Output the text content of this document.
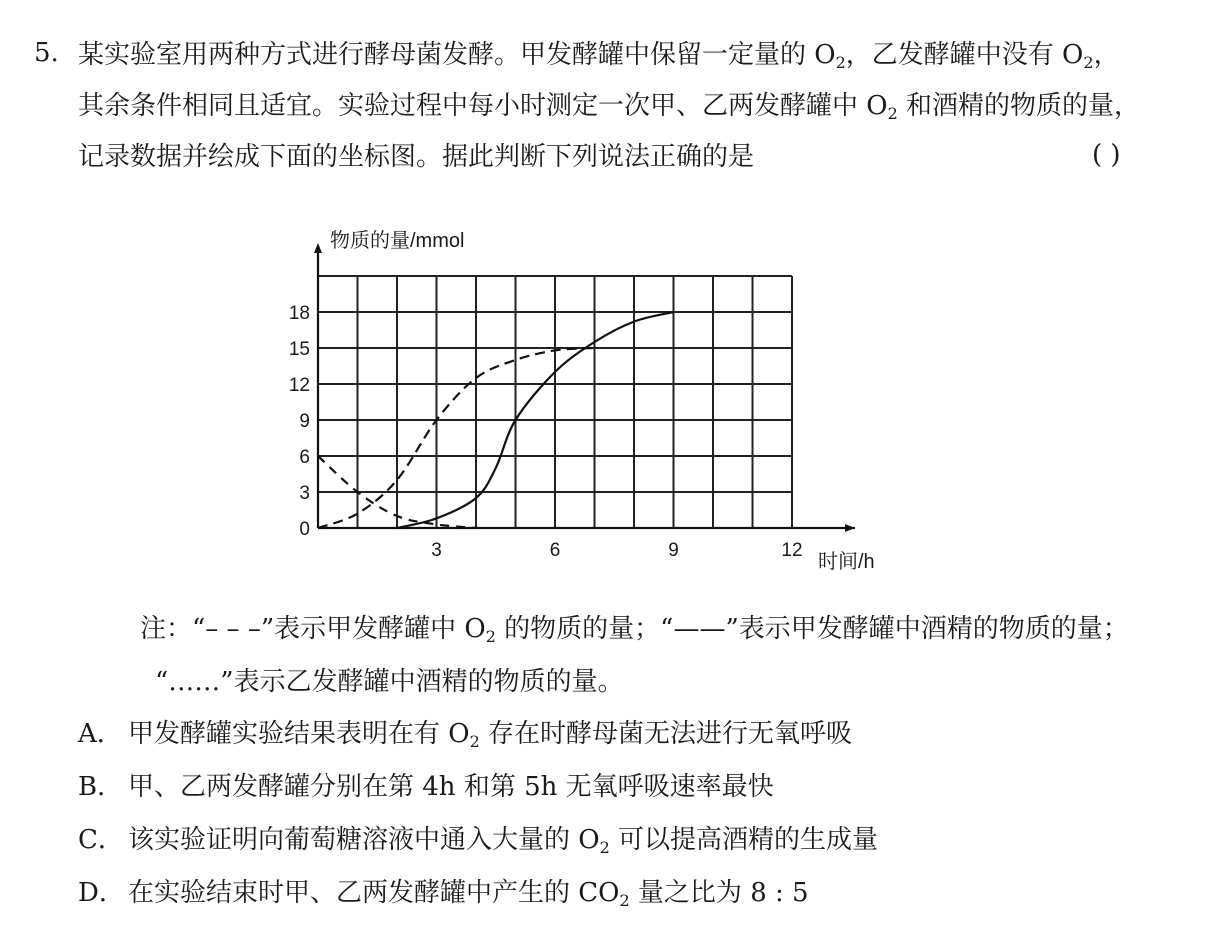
5. 某实验室用两种方式进行酵母菌发酵。甲发酵罐中保留一定量的 $O_2$，乙发酵罐中没有 $O_2$，
其余条件相同且适宜。实验过程中每小时测定一次甲、乙两发酵罐中 $O_2$ 和酒精的物质的量，
记录数据并绘成下面的坐标图。据此判断下列说法正确的是	( )
0
3
6
9
12
15
18
3	6	9	12
物质的量/mmol
时间/h
注：“– – –”表示甲发酵罐中 $O_2$ 的物质的量；“——”表示甲发酵罐中酒精的物质的量；
“……”表示乙发酵罐中酒精的物质的量。
A． 甲发酵罐实验结果表明在有 $O_2$ 存在时酵母菌无法进行无氧呼吸
B． 甲、乙两发酵罐分别在第 4h 和第 5h 无氧呼吸速率最快
C． 该实验证明向葡萄糖溶液中通入大量的 $O_2$ 可以提高酒精的生成量
D． 在实验结束时甲、乙两发酵罐中产生的 $CO_2$ 量之比为 8 : 5
